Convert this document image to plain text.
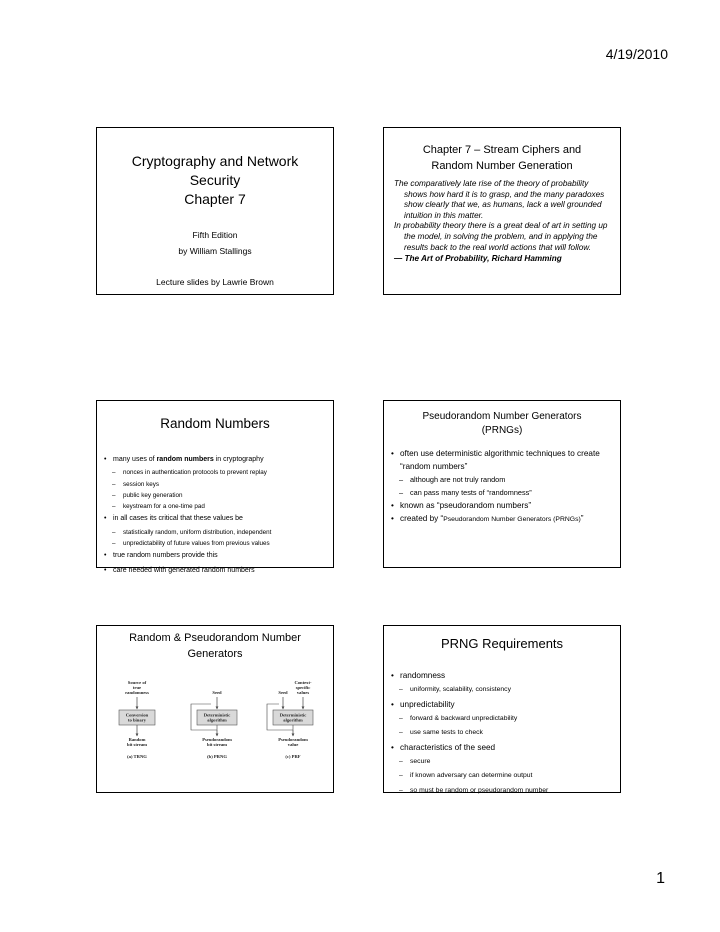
4/19/2010
Cryptography and Network
Security
Chapter 7
Fifth Edition
by William Stallings
Lecture slides by Lawrie Brown
Chapter 7 – Stream Ciphers and
Random Number Generation

The comparatively late rise of the theory of probability shows how hard it is to grasp, and the many paradoxes show clearly that we, as humans, lack a well grounded intuition in this matter.

In probability theory there is a great deal of art in setting up the model, in solving the problem, and in applying the results back to the real world actions that will follow.

— The Art of Probability, Richard Hamming

Random Numbers
• many uses of random numbers in cryptography
– nonces in authentication protocols to prevent replay
– session keys
– public key generation
– keystream for a one-time pad
• in all cases its critical that these values be
– statistically random, uniform distribution, independent
– unpredictability of future values from previous values
• true random numbers provide this
• care needed with generated random numbers
Pseudorandom Number Generators
(PRNGs)
• often use deterministic algorithmic techniques to create “random numbers”
– although are not truly random
– can pass many tests of “randomness”
• known as “pseudorandom numbers”
• created by “Pseudorandom Number Generators (PRNGs)”
Random & Pseudorandom Number
Generators
Source of true randomness
Conversion to binary
Random bit stream
(a) TRNG
Seed
Deterministic algorithm
Pseudorandom bit stream
(b) PRNG
Seed
Context-specific values
Deterministic algorithm
Pseudorandom value
(c) PRF
PRNG Requirements
• randomness
– uniformity, scalability, consistency
• unpredictability
– forward & backward unpredictability
– use same tests to check
• characteristics of the seed
– secure
– if known adversary can determine output
– so must be random or pseudorandom number
1
